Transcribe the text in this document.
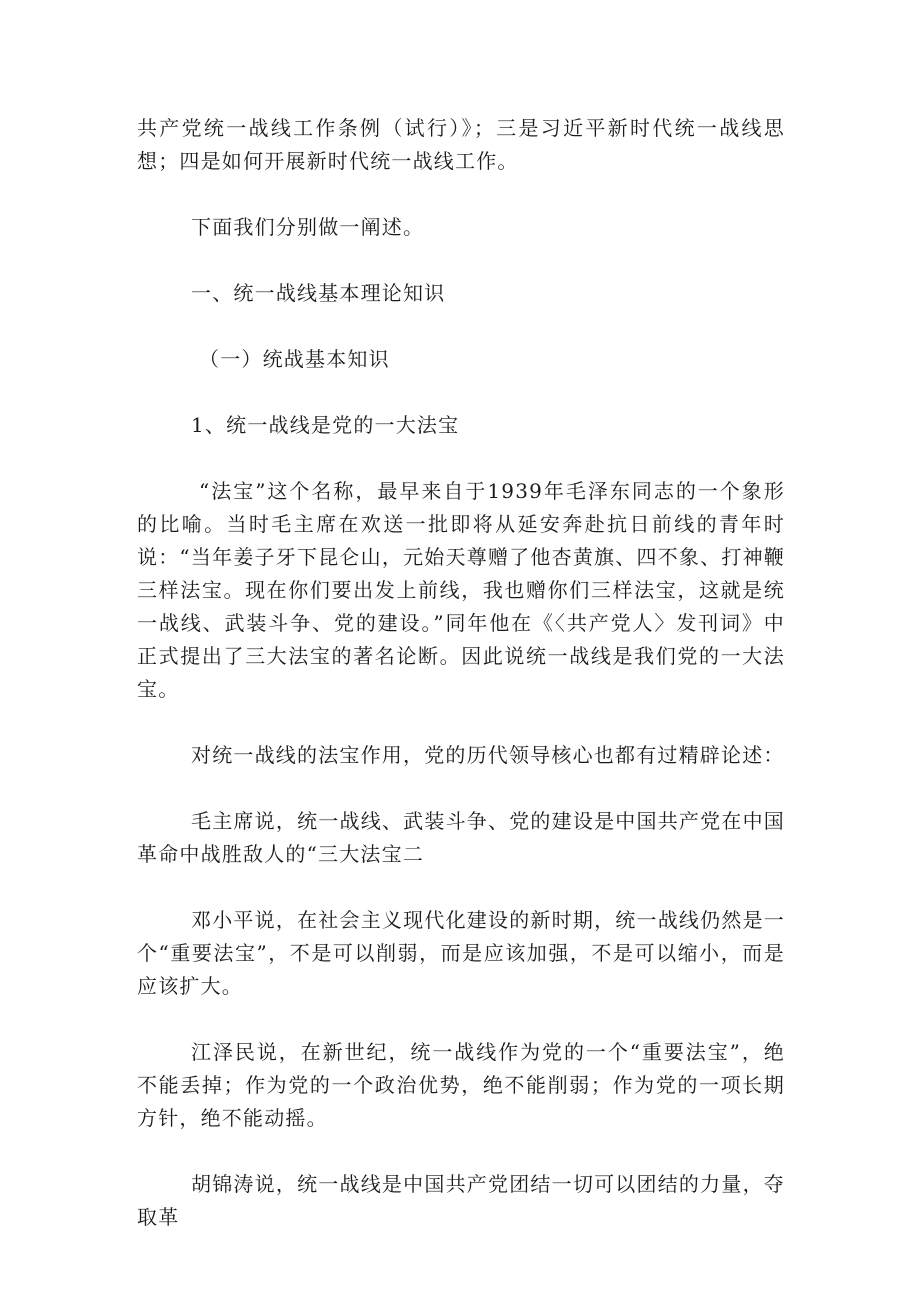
共产党统一战线工作条例（试行）》；三是习近平新时代统一战线思想；四是如何开展新时代统一战线工作。

下面我们分别做一阐述。

一、统一战线基本理论知识

（一）统战基本知识

1、统一战线是党的一大法宝

“法宝”这个名称，最早来自于1939年毛泽东同志的一个象形的比喻。当时毛主席在欢送一批即将从延安奔赴抗日前线的青年时说：“当年姜子牙下昆仑山，元始天尊赠了他杏黄旗、四不象、打神鞭三样法宝。现在你们要出发上前线，我也赠你们三样法宝，这就是统一战线、武装斗争、党的建设。”同年他在《〈共产党人〉发刊词》中正式提出了三大法宝的著名论断。因此说统一战线是我们党的一大法宝。

对统一战线的法宝作用，党的历代领导核心也都有过精辟论述：

毛主席说，统一战线、武装斗争、党的建设是中国共产党在中国革命中战胜敌人的“三大法宝二

邓小平说，在社会主义现代化建设的新时期，统一战线仍然是一个“重要法宝”，不是可以削弱，而是应该加强，不是可以缩小，而是应该扩大。

江泽民说，在新世纪，统一战线作为党的一个“重要法宝”，绝不能丢掉；作为党的一个政治优势，绝不能削弱；作为党的一项长期方针，绝不能动摇。

胡锦涛说，统一战线是中国共产党团结一切可以团结的力量，夺取革
